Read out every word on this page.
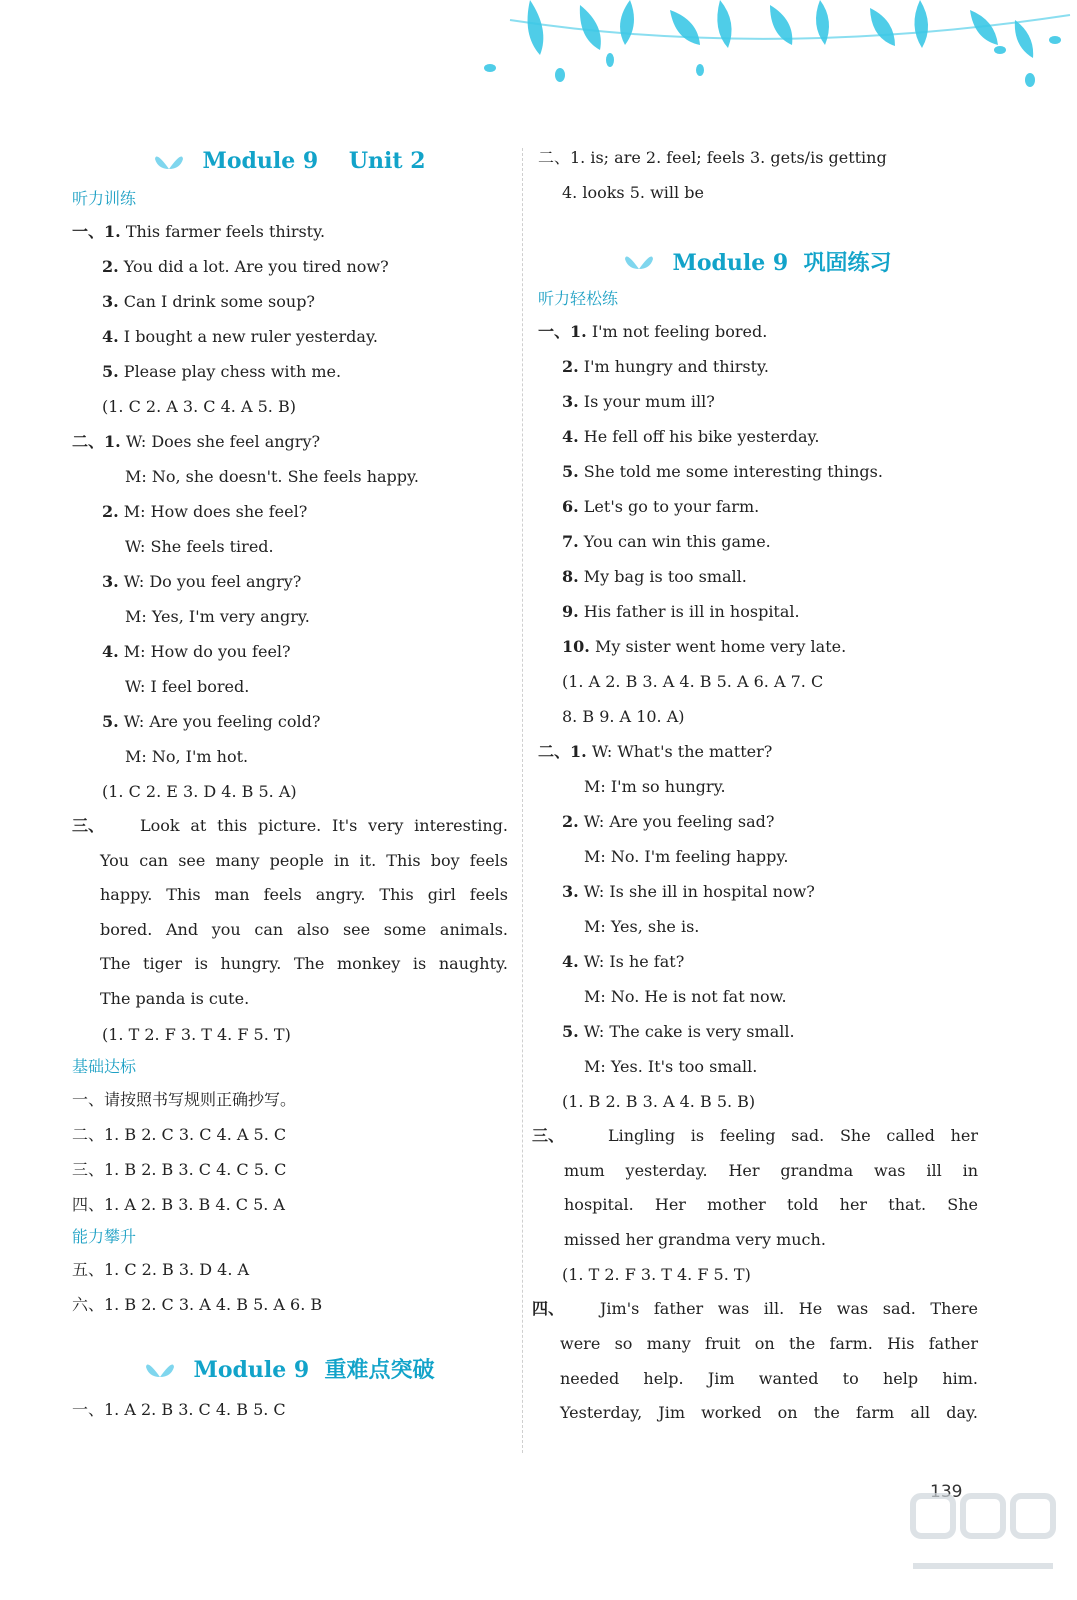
Module 9    Unit 2
听力训练
一、1. This farmer feels thirsty.
2. You did a lot. Are you tired now?
3. Can I drink some soup?
4. I bought a new ruler yesterday.
5. Please play chess with me.
(1. C 2. A 3. C 4. A 5. B)
二、1. W: Does she feel angry?
M: No, she doesn't. She feels happy.
2. M: How does she feel?
W: She feels tired.
3. W: Do you feel angry?
M: Yes, I'm very angry.
4. M: How do you feel?
W: I feel bored.
5. W: Are you feeling cold?
M: No, I'm hot.
(1. C 2. E 3. D 4. B 5. A)
三、	Look at this picture. It's very interesting.
You can see many people in it. This boy feels
happy. This man feels angry. This girl feels
bored. And you can also see some animals.
The tiger is hungry. The monkey is naughty.
The panda is cute.
(1. T 2. F 3. T 4. F 5. T)
基础达标
一、请按照书写规则正确抄写。
二、1. B 2. C 3. C 4. A 5. C
三、1. B 2. B 3. C 4. C 5. C
四、1. A 2. B 3. B 4. C 5. A
能力攀升
五、1. C 2. B 3. D 4. A
六、1. B 2. C 3. A 4. B 5. A 6. B
Module 9  重难点突破
一、1. A 2. B 3. C 4. B 5. C
二、1. is; are 2. feel; feels 3. gets/is getting
4. looks 5. will be
Module 9  巩固练习
听力轻松练
一、1. I'm not feeling bored.
2. I'm hungry and thirsty.
3. Is your mum ill?
4. He fell off his bike yesterday.
5. She told me some interesting things.
6. Let's go to your farm.
7. You can win this game.
8. My bag is too small.
9. His father is ill in hospital.
10. My sister went home very late.
(1. A 2. B 3. A 4. B 5. A 6. A 7. C
8. B 9. A 10. A)
二、1. W: What's the matter?
M: I'm so hungry.
2. W: Are you feeling sad?
M: No. I'm feeling happy.
3. W: Is she ill in hospital now?
M: Yes, she is.
4. W: Is he fat?
M: No. He is not fat now.
5. W: The cake is very small.
M: Yes. It's too small.
(1. B 2. B 3. A 4. B 5. B)
三、	Lingling is feeling sad. She called her
mum yesterday. Her grandma was ill in
hospital. Her mother told her that. She
missed her grandma very much.
(1. T 2. F 3. T 4. F 5. T)
四、	Jim's father was ill. He was sad. There
were so many fruit on the farm. His father
needed help. Jim wanted to help him.
Yesterday, Jim worked on the farm all day.
139
